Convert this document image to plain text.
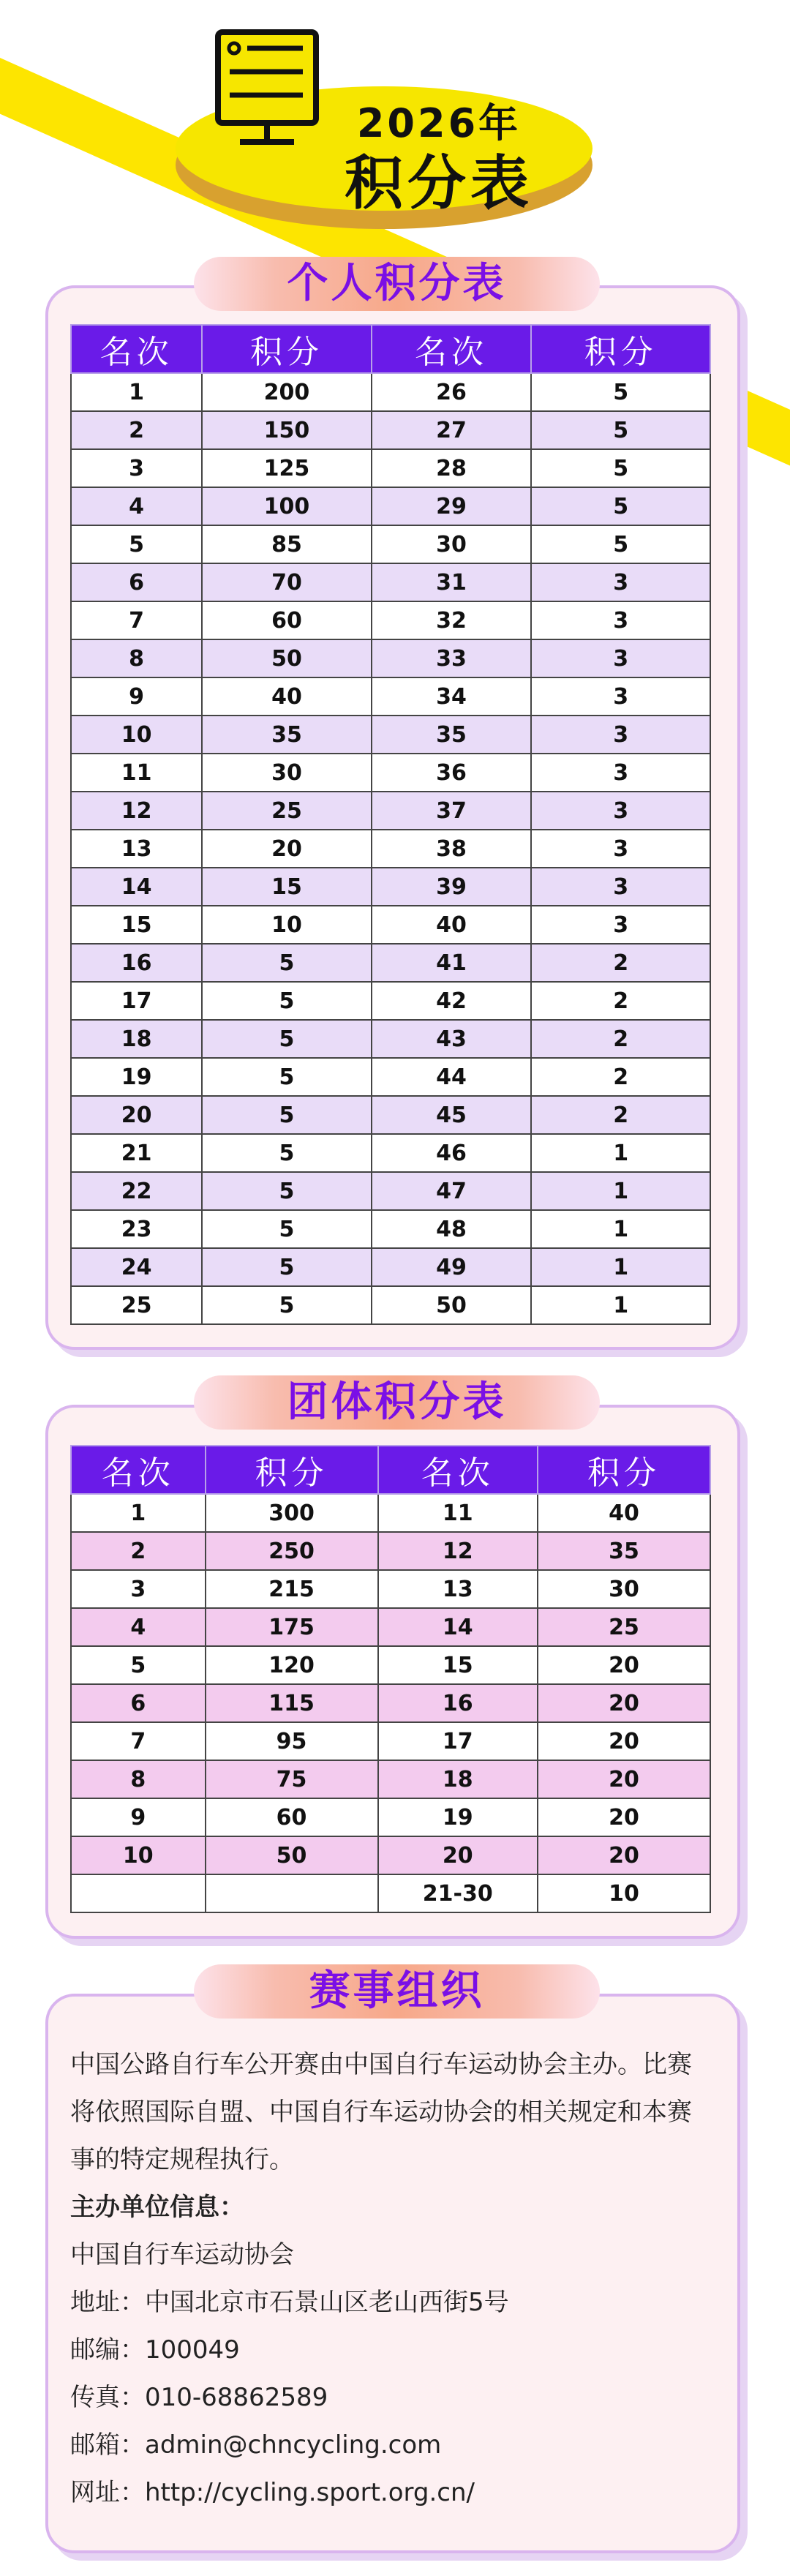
2026年
积分表
个人积分表
名次	积分	名次	积分
1	200	26	5
2	150	27	5
3	125	28	5
4	100	29	5
5	85	30	5
6	70	31	3
7	60	32	3
8	50	33	3
9	40	34	3
10	35	35	3
11	30	36	3
12	25	37	3
13	20	38	3
14	15	39	3
15	10	40	3
16	5	41	2
17	5	42	2
18	5	43	2
19	5	44	2
20	5	45	2
21	5	46	1
22	5	47	1
23	5	48	1
24	5	49	1
25	5	50	1
团体积分表
名次	积分	名次	积分
1	300	11	40
2	250	12	35
3	215	13	30
4	175	14	25
5	120	15	20
6	115	16	20
7	95	17	20
8	75	18	20
9	60	19	20
10	50	20	20
		21-30	10
赛事组织

中国公路自行车公开赛由中国自行车运动协会主办。比赛将依照国际自盟、中国自行车运动协会的相关规定和本赛事的特定规程执行。

主办单位信息：

中国自行车运动协会

地址：中国北京市石景山区老山西街5号

邮编：100049

传真：010-68862589

邮箱：admin@chncycling.com

网址：http://cycling.sport.org.cn/
